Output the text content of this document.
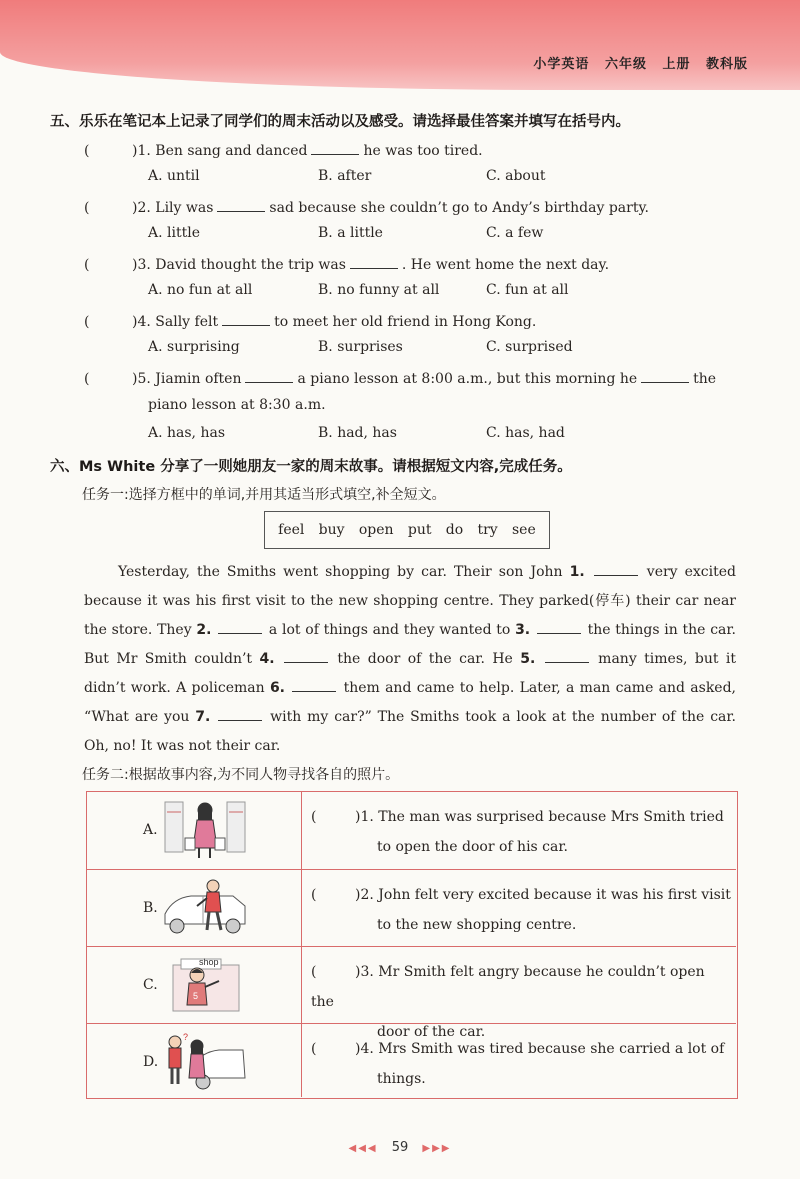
小学英语 六年级 上册 教科版
五、乐乐在笔记本上记录了同学们的周末活动以及感受。请选择最佳答案并填写在括号内。
(	)1. Ben sang and danced	he was too tired.
A. until	B. after	C. about
(	)2. Lily was	sad because she couldn’t go to Andy’s birthday party.
A. little	B. a little	C. a few
(	)3. David thought the trip was	. He went home the next day.
A. no fun at all	B. no funny at all	C. fun at all
(	)4. Sally felt	to meet her old friend in Hong Kong.
A. surprising	B. surprises	C. surprised
(	)5. Jiamin often	a piano lesson at 8:00 a.m., but this morning he	the
piano lesson at 8:30 a.m.
A. has, has	B. had, has	C. has, had
六、Ms White 分享了一则她朋友一家的周末故事。请根据短文内容,完成任务。
任务一:选择方框中的单词,并用其适当形式填空,补全短文。
feel buy open put do try see
Yesterday, the Smiths went shopping by car. Their son John 1.	very excited
because it was his first visit to the new shopping centre. They parked(停车) their car near
the store. They 2.	a lot of things and they wanted to 3.	the things in the car.
But Mr Smith couldn’t 4.	the door of the car. He 5.	many times, but it
didn’t work. A policeman 6.	them and came to help. Later, a man came and asked,
“What are you 7.	with my car?” The Smiths took a look at the number of the car.
Oh, no! It was not their car.
任务二:根据故事内容,为不同人物寻找各自的照片。
A.
(	)1. The man was surprised because Mrs Smith tried
to open the door of his car.
B.
(	)2. John felt very excited because it was his first visit
to the new shopping centre.
C.
5
shop
(	)3. Mr Smith felt angry because he couldn’t open the
door of the car.
D.
?
(	)4. Mrs Smith was tired because she carried a lot of
things.
◀◀◀ 59 ▶▶▶
